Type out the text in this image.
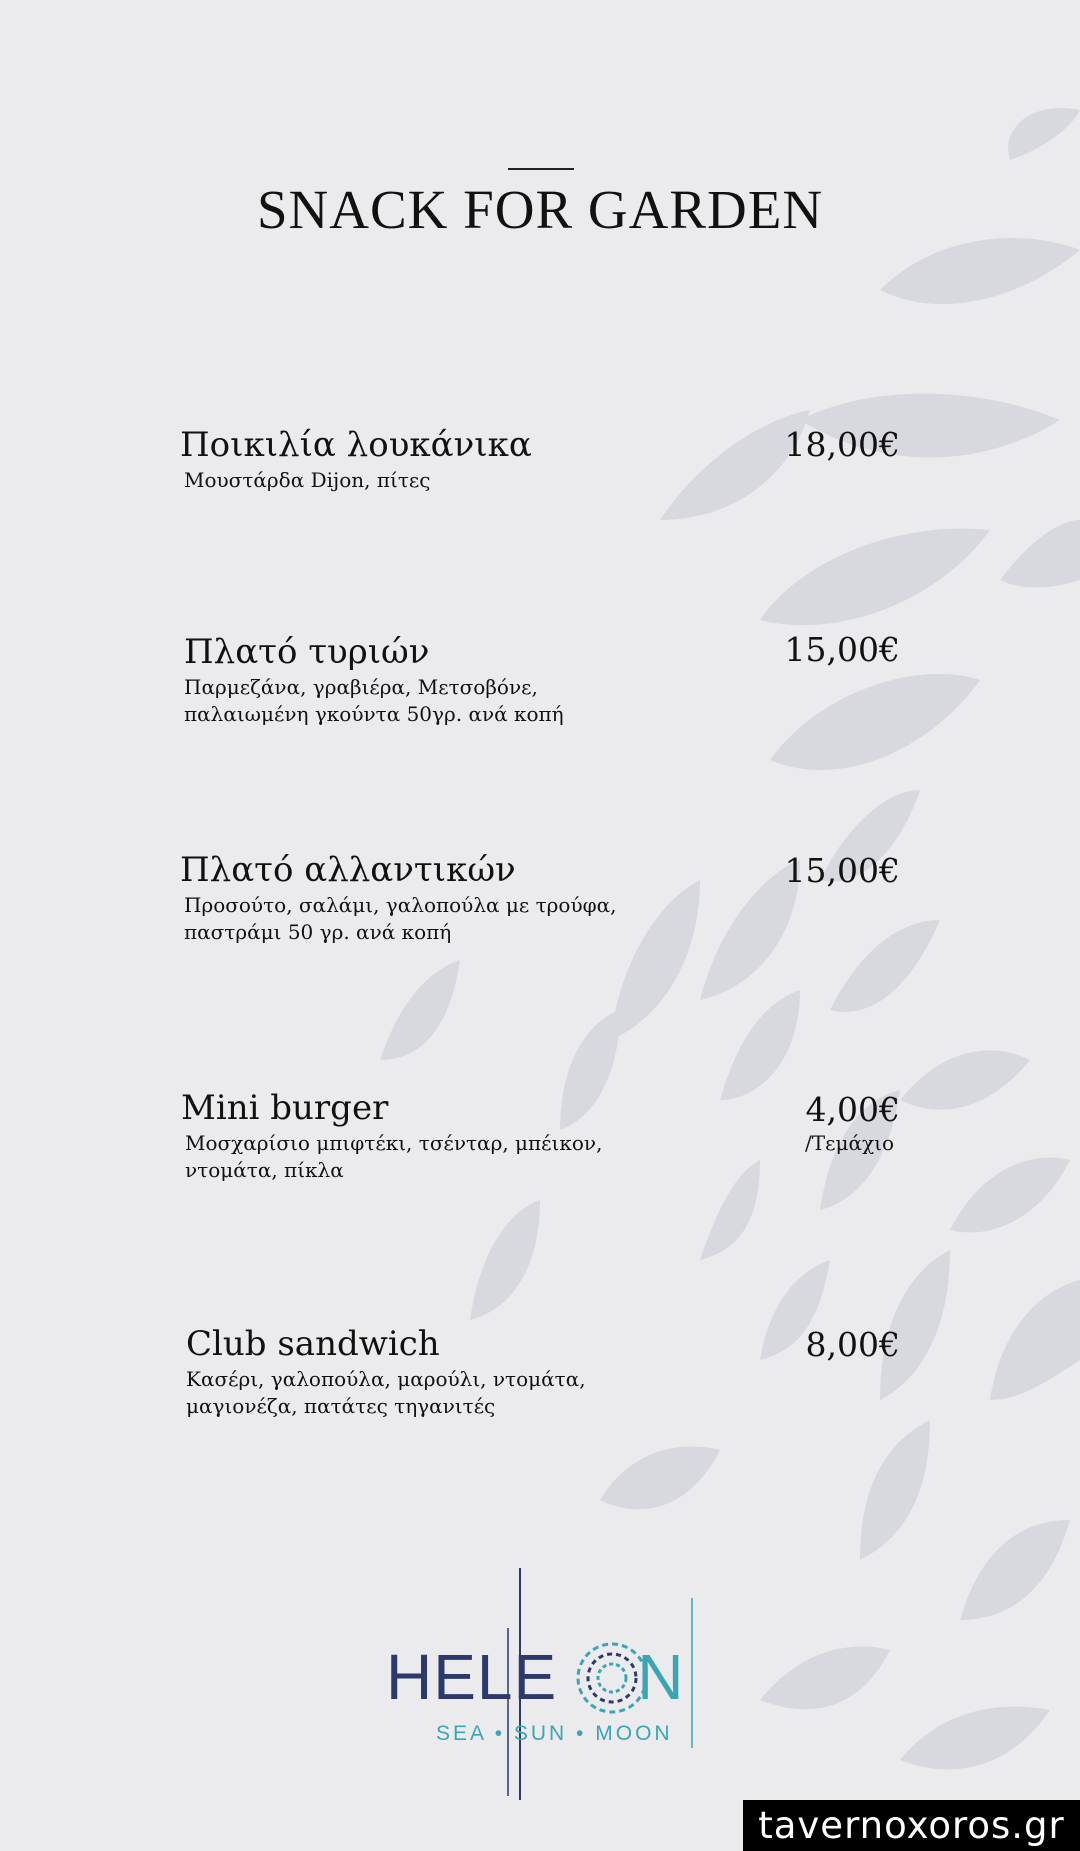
SNACK FOR GARDEN
Ποικιλία λουκάνικα
Μουστάρδα Dijon, πίτες
18,00€
Πλατό τυριών
Παρμεζάνα, γραβιέρα, Μετσοβόνε,
παλαιωμένη γκούντα 50γρ. ανά κοπή
15,00€
Πλατό αλλαντικών
Προσούτο, σαλάμι, γαλοπούλα με τρούφα,
παστράμι 50 γρ. ανά κοπή
15,00€
Mini burger
Μοσχαρίσιο μπιφτέκι, τσένταρ, μπέικον,
ντομάτα, πίκλα
4,00€
/Τεμάχιο
Club sandwich
Κασέρι, γαλοπούλα, μαρούλι, ντομάτα,
μαγιονέζα, πατάτες τηγανιτές
8,00€
HELE N
SEA • SUN • MOON
tavernoxoros.gr
